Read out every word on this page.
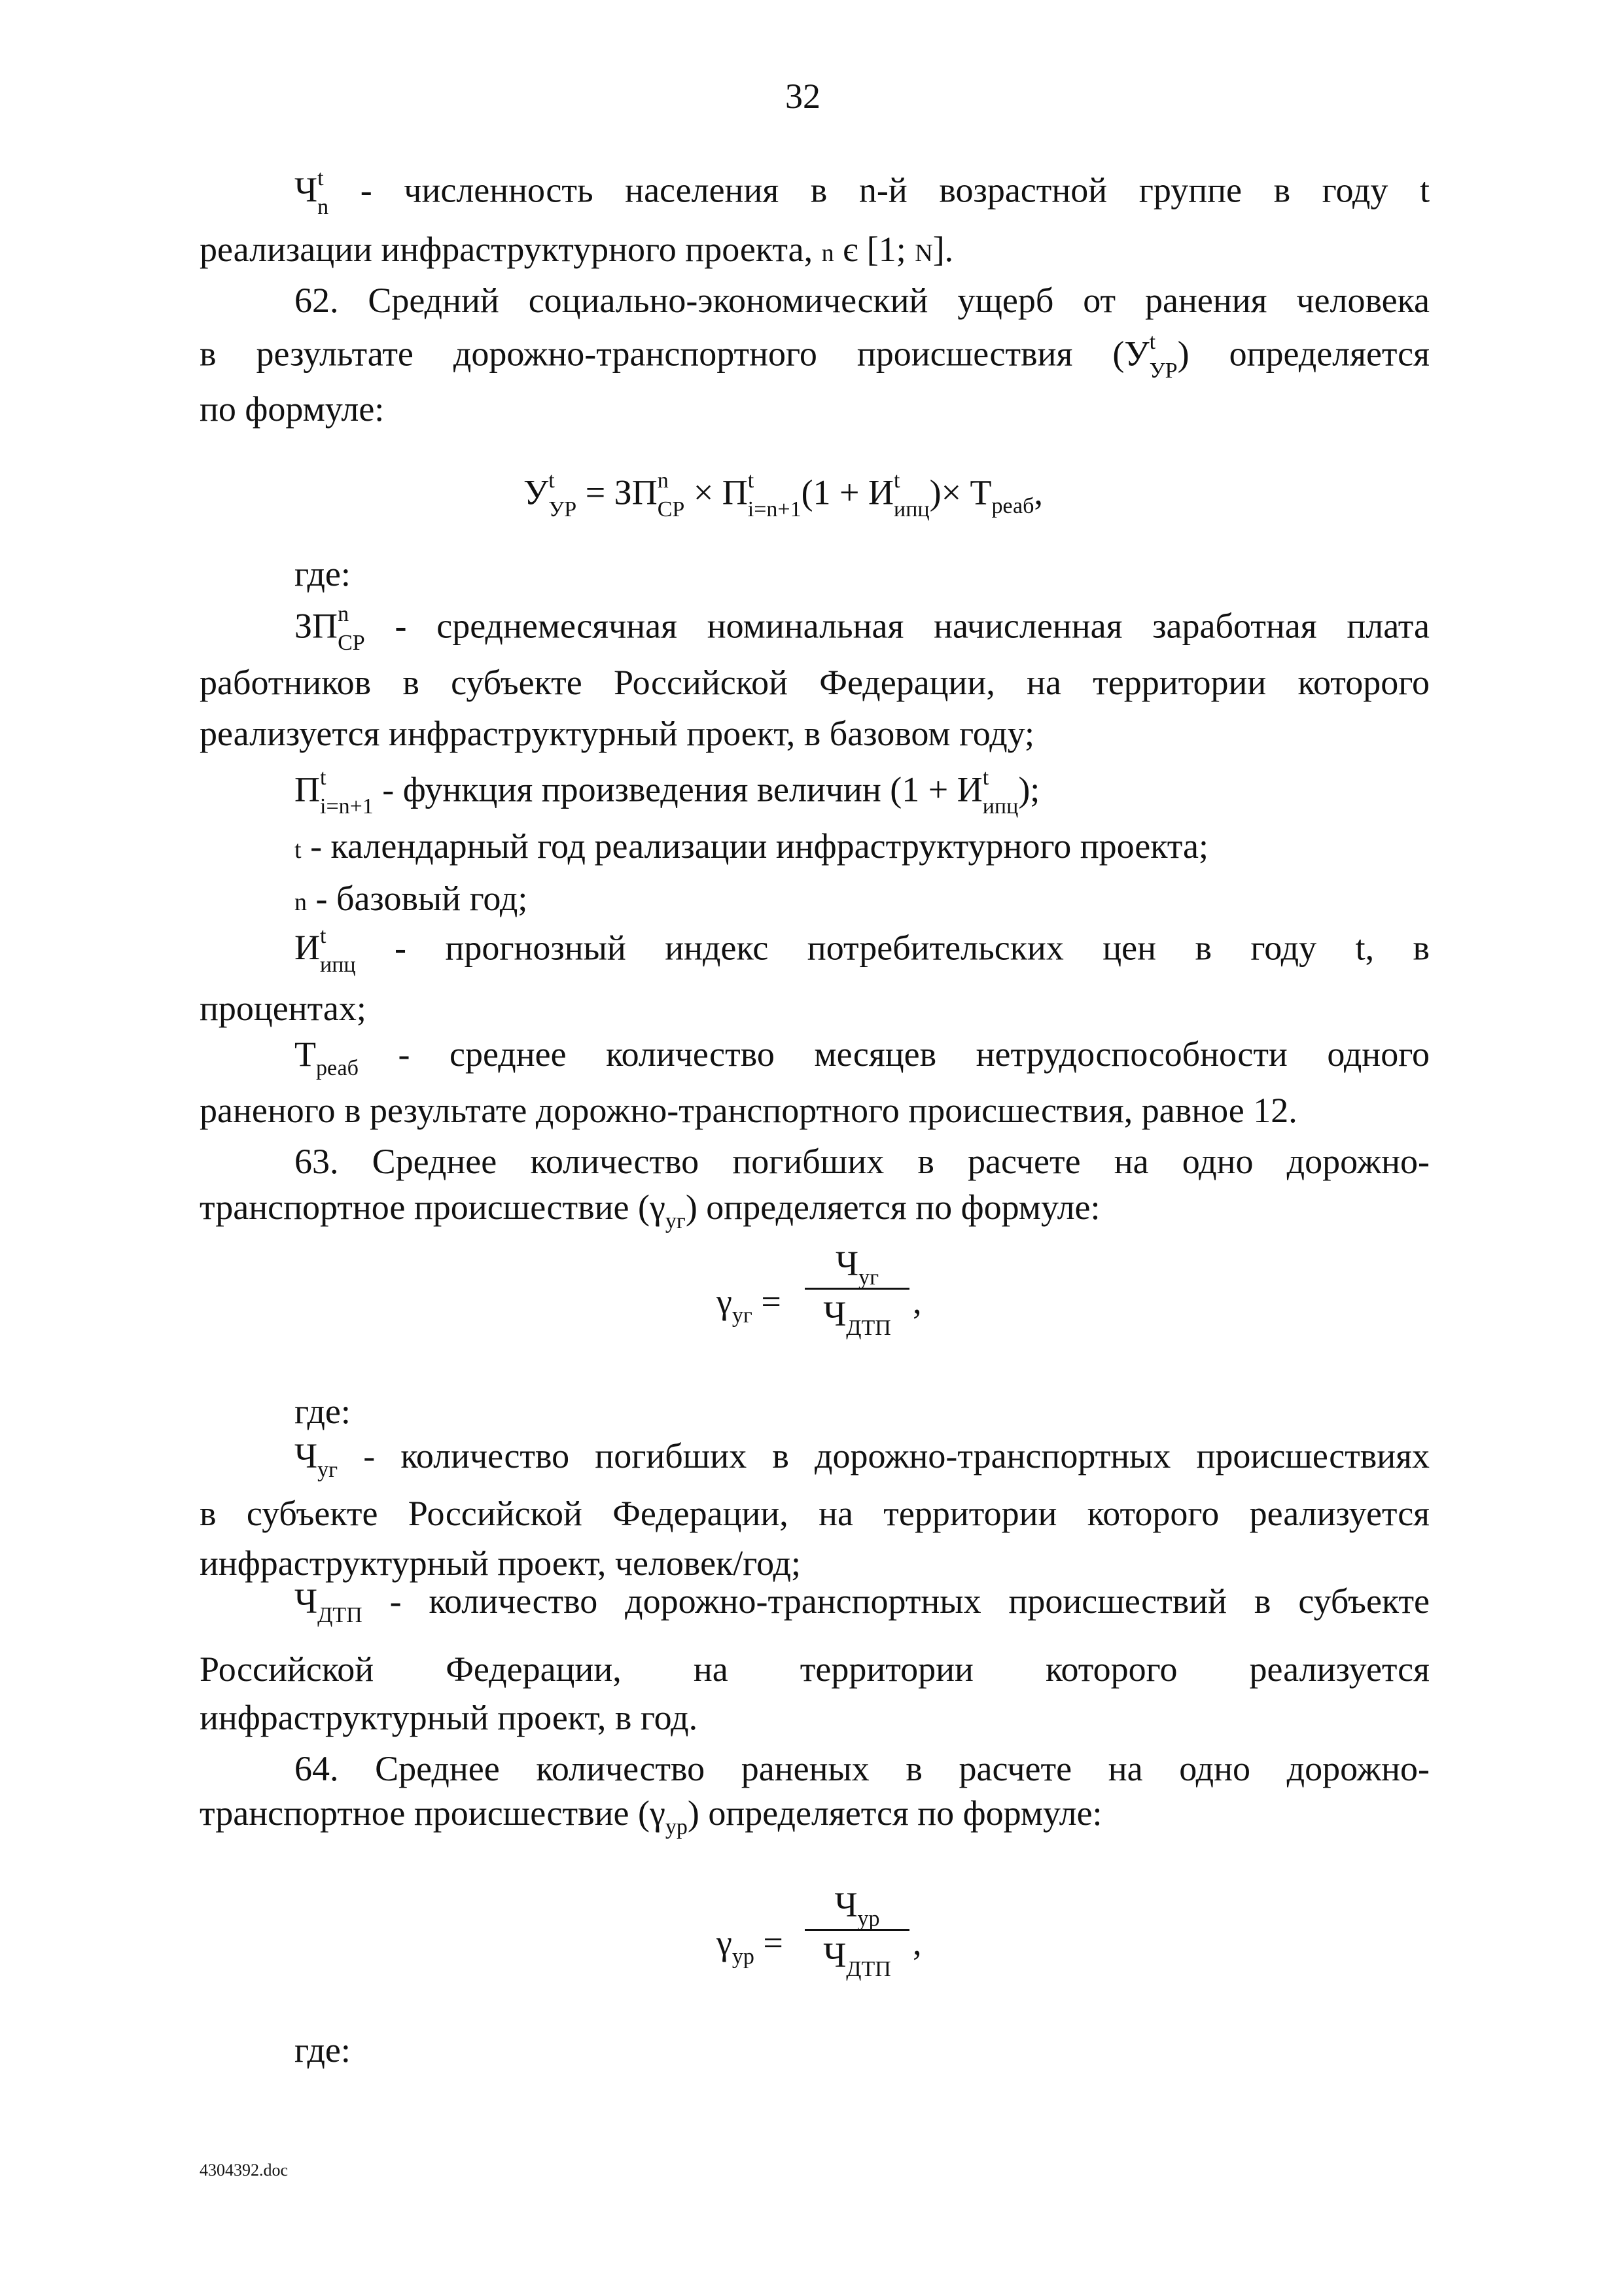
32
Ч t
n - численность населения в n-й возрастной группе в году t
реализации инфраструктурного проекта, n є [1; N].
62. Средний социально-экономический ущерб от ранения человека
в результате дорожно-транспортного происшествия (У t
УР ) определяется
по формуле:
У t
УР = ЗП n
СР × П t
i=n+1 (1 + И t
ипц )× $Т_{реаб}$,
где:
ЗП n
СР - среднемесячная номинальная начисленная заработная плата
работников в субъекте Российской Федерации, на территории которого
реализуется инфраструктурный проект, в базовом году;
П t
i=n+1 - функция произведения величин (1 + И t
ипц );
t - календарный год реализации инфраструктурного проекта;
n - базовый год;
И t
ипц - прогнозный индекс потребительских цен в году t, в
процентах;
$Т_{реаб}$ - среднее количество месяцев нетрудоспособности одного
раненого в результате дорожно-транспортного происшествия, равное 12.
63. Среднее количество погибших в расчете на одно дорожно-
транспортное происшествие $(\gamma_{уг})$ определяется по формуле:
$\gamma_{уг}$ =
$Ч_{уг}$
$Ч_{ДТП}$
,
где:
$Ч_{уг}$ - количество погибших в дорожно-транспортных происшествиях
в субъекте Российской Федерации, на территории которого реализуется
инфраструктурный проект, человек/год;
$Ч_{ДТП}$ - количество дорожно-транспортных происшествий в субъекте
Российской Федерации, на территории которого реализуется
инфраструктурный проект, в год.
64. Среднее количество раненых в расчете на одно дорожно-
транспортное происшествие $(\gamma_{ур})$ определяется по формуле:
$\gamma_{ур}$ =
$Ч_{ур}$
$Ч_{ДТП}$
,
где:
4304392.doc
